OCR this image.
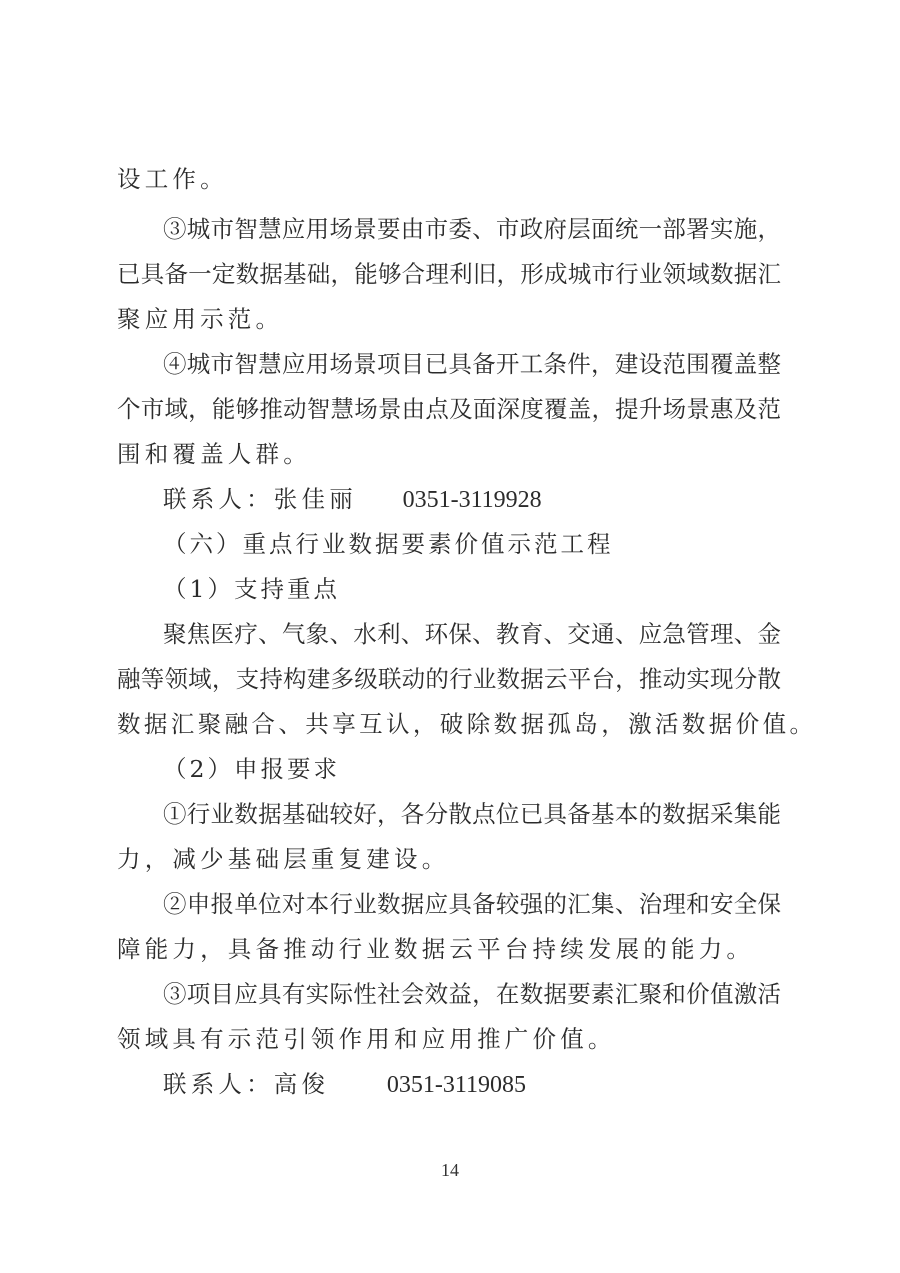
设工作。
③城市智慧应用场景要由市委、市政府层面统一部署实施，
已具备一定数据基础，能够合理利旧，形成城市行业领域数据汇
聚应用示范。
④城市智慧应用场景项目已具备开工条件，建设范围覆盖整
个市域，能够推动智慧场景由点及面深度覆盖，提升场景惠及范
围和覆盖人群。
联系人：张佳丽 0351-3119928
（六）重点行业数据要素价值示范工程
（1）支持重点
聚焦医疗、气象、水利、环保、教育、交通、应急管理、金
融等领域，支持构建多级联动的行业数据云平台，推动实现分散
数据汇聚融合、共享互认，破除数据孤岛，激活数据价值。
（2）申报要求
①行业数据基础较好，各分散点位已具备基本的数据采集能
力，减少基础层重复建设。
②申报单位对本行业数据应具备较强的汇集、治理和安全保
障能力，具备推动行业数据云平台持续发展的能力。
③项目应具有实际性社会效益，在数据要素汇聚和价值激活
领域具有示范引领作用和应用推广价值。
联系人：高俊 0351-3119085
14
